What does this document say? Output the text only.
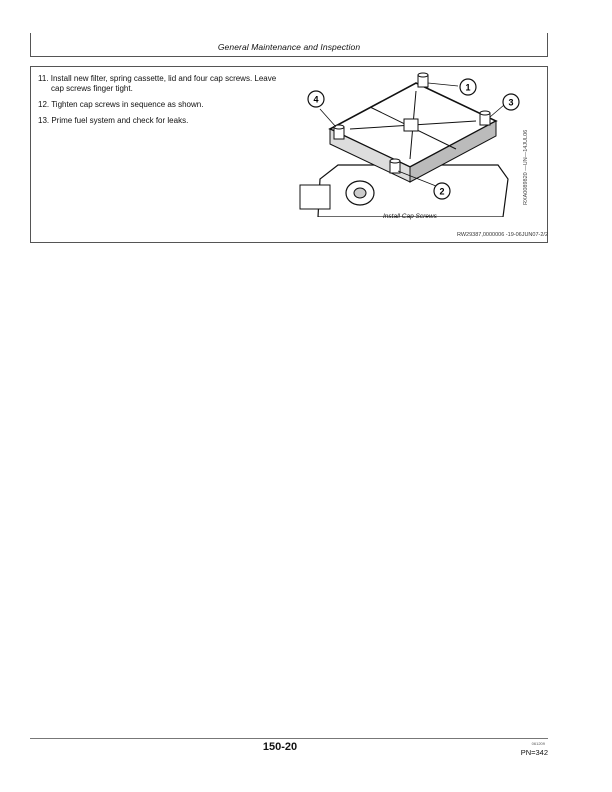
General Maintenance and Inspection
11. Install new filter, spring cassette, lid and four cap screws. Leave cap screws finger tight.
12. Tighten cap screws in sequence as shown.
13. Prime fuel system and check for leaks.
1
2
3
4
Install Cap Screws
RXA0089820 —UN—14JUL06
RW29387,0000006 -19-06JUN07-2/2
150-20	061209
PN=342
